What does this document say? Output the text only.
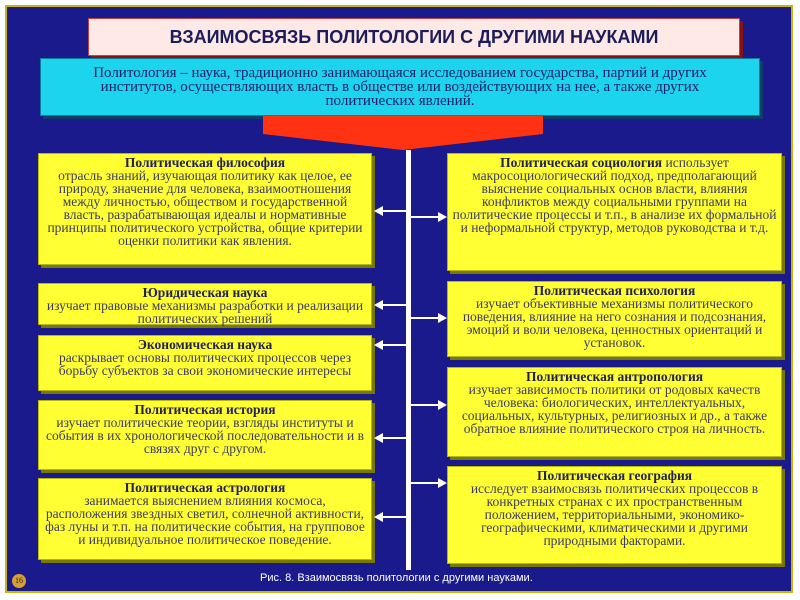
ВЗАИМОСВЯЗЬ ПОЛИТОЛОГИИ С ДРУГИМИ НАУКАМИ
Политология – наука, традиционно занимающаяся исследованием государства, партий и других институтов, осуществляющих власть в обществе или воздействующих на нее, а также других политических явлений.
Политическая философия
отрасль знаний, изучающая политику как целое, ее природу, значение для человека, взаимоотношения между личностью, обществом и государственной власть, разрабатывающая идеалы и нормативные принципы политического устройства, общие критерии оценки политики как явления.
Юридическая наука
изучает правовые механизмы разработки и реализации политических решений
Экономическая наука
раскрывает основы политических процессов через борьбу субъектов за свои экономические интересы
Политическая история
изучает политические теории, взгляды институты и события в их хронологической последовательности и в связях друг с другом.
Политическая астрология
занимается выяснением влияния космоса, расположения звездных светил, солнечной активности, фаз луны и т.п. на политические события, на групповое и индивидуальное политическое поведение.
Политическая социология использует макросоциологический подход, предполагающий выяснение социальных основ власти, влияния конфликтов между социальными группами на политические процессы и т.п., в анализе их формальной и неформальной структур, методов руководства и т.д.
Политическая психология
изучает объективные механизмы политического поведения, влияние на него сознания и подсознания, эмоций и воли человека, ценностных ориентаций и установок.
Политическая антропология
изучает зависимость политики от родовых качеств человека: биологических, интеллектуальных, социальных, культурных, религиозных и др., а также обратное влияние политического строя на личность.
Политическая география
исследует взаимосвязь политических процессов в конкретных странах с их пространственным положением, территориальными, экономико-географическими, климатическими и другими природными факторами.
Рис. 8. Взаимосвязь политологии с другими науками.
16
